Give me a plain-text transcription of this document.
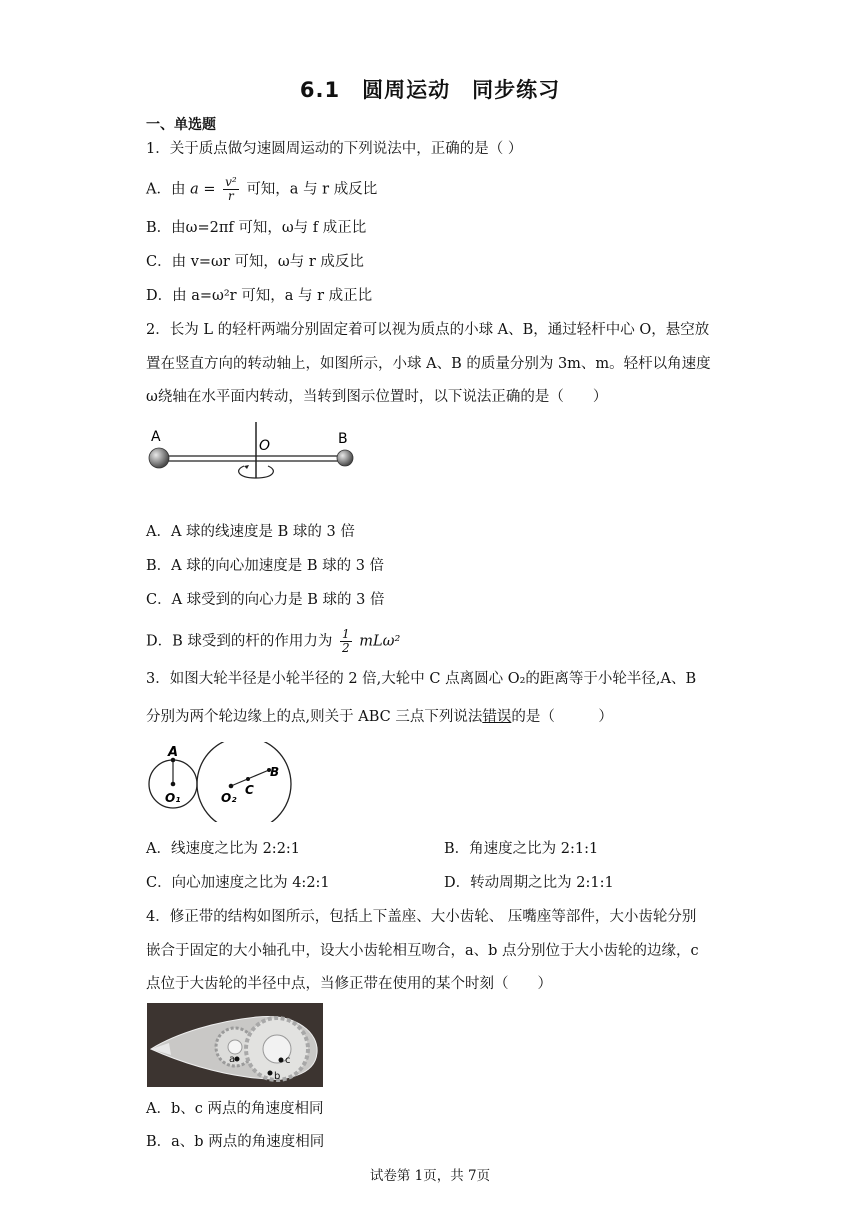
6.1　圆周运动　同步练习
一、单选题
1．关于质点做匀速圆周运动的下列说法中，正确的是（ ）
A．由 $a = \frac{\text{v²}}{r}$ 可知，a 与 r 成反比
B．由ω=2πf 可知，ω与 f 成正比
C．由 v=ωr 可知，ω与 r 成反比
D．由 a=ω²r 可知，a 与 r 成正比
2．长为 L 的轻杆两端分别固定着可以视为质点的小球 A、B，通过轻杆中心 O，悬空放
置在竖直方向的转动轴上，如图所示，小球 A、B 的质量分别为 3m、m。轻杆以角速度
ω绕轴在水平面内转动，当转到图示位置时，以下说法正确的是（　　）
A
O	B
A．A 球的线速度是 B 球的 3 倍
B．A 球的向心加速度是 B 球的 3 倍
C．A 球受到的向心力是 B 球的 3 倍
D．B 球受到的杆的作用力为 $\frac{1}{2} mL\omega^2$
3．如图大轮半径是小轮半径的 2 倍,大轮中 C 点离圆心 O₂的距离等于小轮半径,A、B
分别为两个轮边缘上的点,则关于 ABC 三点下列说法错误的是（　　　）
A
O₁	O₂
C
B
A．线速度之比为 2:2:1	B．角速度之比为 2:1:1
C．向心加速度之比为 4:2:1	D．转动周期之比为 2:1:1
4．修正带的结构如图所示，包括上下盖座、大小齿轮、 压嘴座等部件，大小齿轮分别
嵌合于固定的大小轴孔中，设大小齿轮相互吻合，a、b 点分别位于大小齿轮的边缘，c
点位于大齿轮的半径中点，当修正带在使用的某个时刻（　　）
a	c
b
A．b、c 两点的角速度相同
B．a、b 两点的角速度相同
试卷第 1页，共 7页
